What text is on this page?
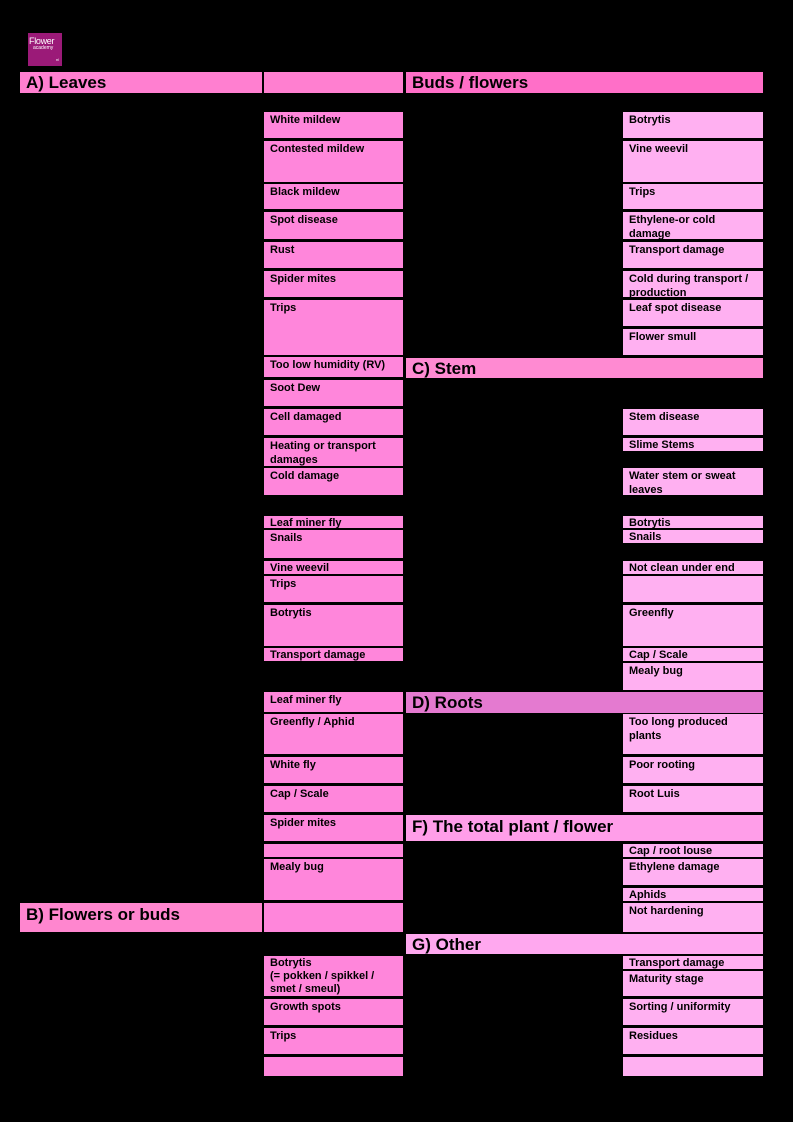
Flower
academy
nl
A) Leaves	Buds / flowers
C) Stem
D) Roots
F) The total plant / flower
B) Flowers or buds
G) Other
White mildew
Contested mildew
Black mildew
Spot disease
Rust
Spider mites
Trips
Too low humidity (RV)
Soot Dew
Cell damaged
Heating or transport damages
Cold damage
Leaf miner fly
Snails
Vine weevil
Trips
Botrytis
Transport damage
Leaf miner fly
Greenfly / Aphid
White fly
Cap / Scale
Spider mites
Mealy bug
Botrytis
(= pokken / spikkel / smet / smeul)
Growth spots
Trips
Botrytis
Vine weevil
Trips
Ethylene-or cold damage
Transport damage
Cold during transport / production
Leaf spot disease
Flower smull
Stem disease
Slime Stems
Water stem or sweat leaves
Botrytis
Snails
Not clean under end
Greenfly
Cap / Scale
Mealy bug
Too long produced plants
Poor rooting
Root Luis
Cap / root louse
Ethylene damage
Aphids
Not hardening
Transport damage
Maturity stage
Sorting / uniformity
Residues
